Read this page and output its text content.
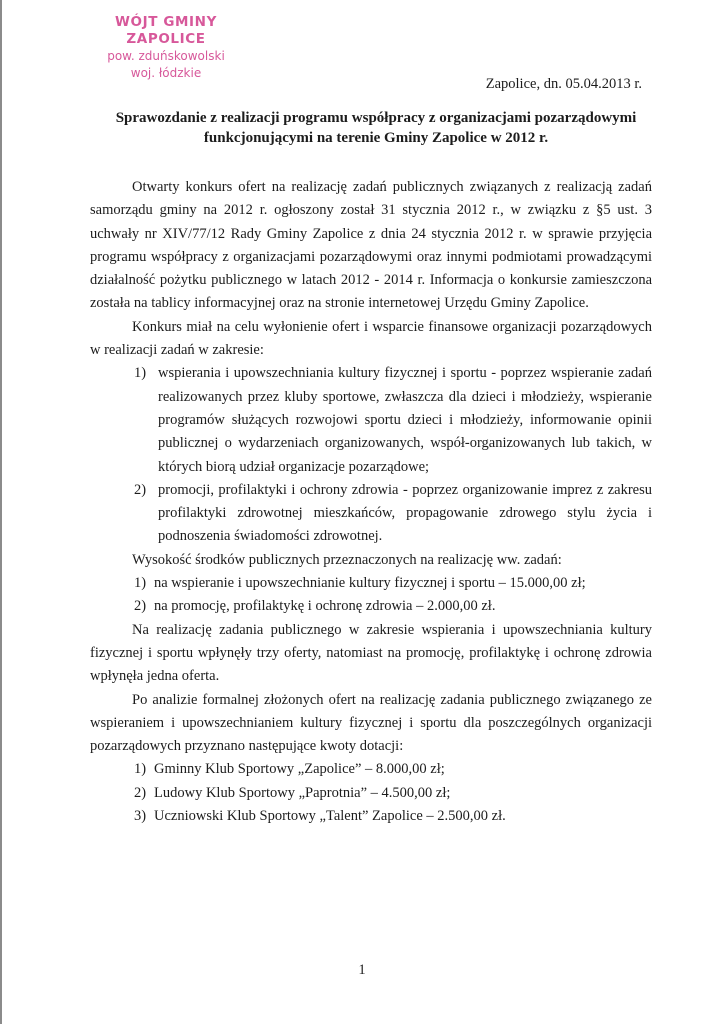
WÓJT GMINY ZAPOLICE
pow. zduńskowolski
woj. łódzkie
Zapolice, dn. 05.04.2013 r.
Sprawozdanie z realizacji programu współpracy z organizacjami pozarządowymi
funkcjonującymi na terenie Gminy Zapolice w 2012 r.

Otwarty konkurs ofert na realizację zadań publicznych związanych z realizacją zadań samorządu gminy na 2012 r. ogłoszony został 31 stycznia 2012 r., w związku z §5 ust. 3 uchwały nr XIV/77/12 Rady Gminy Zapolice z dnia 24 stycznia 2012 r. w sprawie przyjęcia programu współpracy z organizacjami pozarządowymi oraz innymi podmiotami prowadzącymi działalność pożytku publicznego w latach 2012 - 2014 r. Informacja o konkursie zamieszczona została na tablicy informacyjnej oraz na stronie internetowej Urzędu Gminy Zapolice.

Konkurs miał na celu wyłonienie ofert i wsparcie finansowe organizacji pozarządowych w realizacji zadań w zakresie:

1) wspierania i upowszechniania kultury fizycznej i sportu - poprzez wspieranie zadań realizowanych przez kluby sportowe, zwłaszcza dla dzieci i młodzieży, wspieranie programów służących rozwojowi sportu dzieci i młodzieży, informowanie opinii publicznej o wydarzeniach organizowanych, współ-organizowanych lub takich, w których biorą udział organizacje pozarządowe;
2) promocji, profilaktyki i ochrony zdrowia - poprzez organizowanie imprez z zakresu profilaktyki zdrowotnej mieszkańców, propagowanie zdrowego stylu życia i podnoszenia świadomości zdrowotnej.

Wysokość środków publicznych przeznaczonych na realizację ww. zadań:

1) na wspieranie i upowszechnianie kultury fizycznej i sportu – 15.000,00 zł;
2) na promocję, profilaktykę i ochronę zdrowia – 2.000,00 zł.

Na realizację zadania publicznego w zakresie wspierania i upowszechniania kultury fizycznej i sportu wpłynęły trzy oferty, natomiast na promocję, profilaktykę i ochronę zdrowia wpłynęła jedna oferta.

Po analizie formalnej złożonych ofert na realizację zadania publicznego związanego ze wspieraniem i upowszechnianiem kultury fizycznej i sportu dla poszczególnych organizacji pozarządowych przyznano następujące kwoty dotacji:

1) Gminny Klub Sportowy „Zapolice” – 8.000,00 zł;
2) Ludowy Klub Sportowy „Paprotnia” – 4.500,00 zł;
3) Uczniowski Klub Sportowy „Talent” Zapolice – 2.500,00 zł.
1
